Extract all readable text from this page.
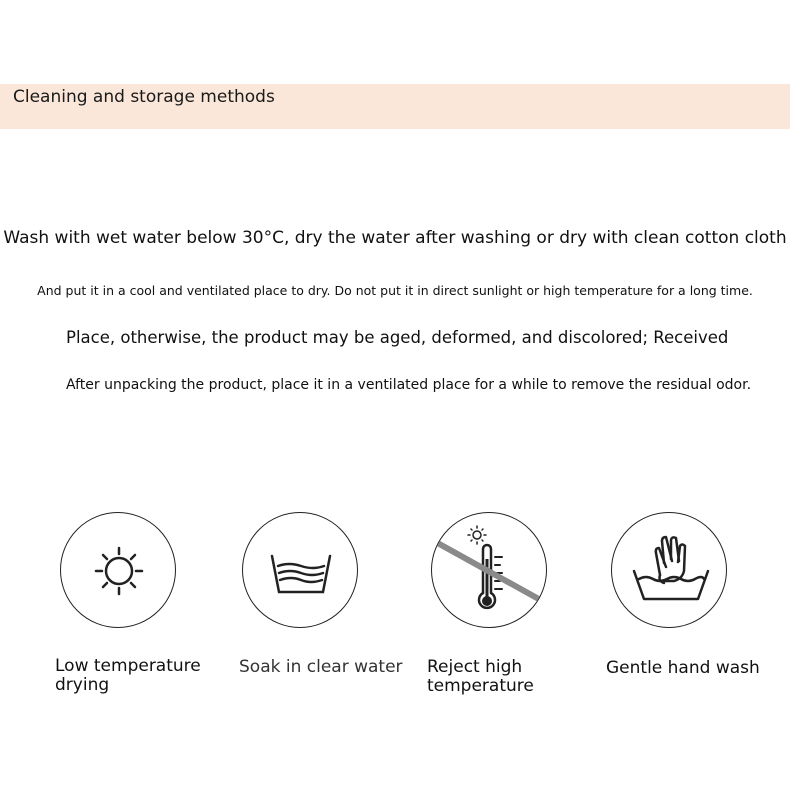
Cleaning and storage methods
Wash with wet water below 30°C, dry the water after washing or dry with clean cotton cloth
And put it in a cool and ventilated place to dry. Do not put it in direct sunlight or high temperature for a long time.
Place, otherwise, the product may be aged, deformed, and discolored; Received
After unpacking the product, place it in a ventilated place for a while to remove the residual odor.
Low temperature drying
Soak in clear water	Reject high temperature
Gentle hand wash
